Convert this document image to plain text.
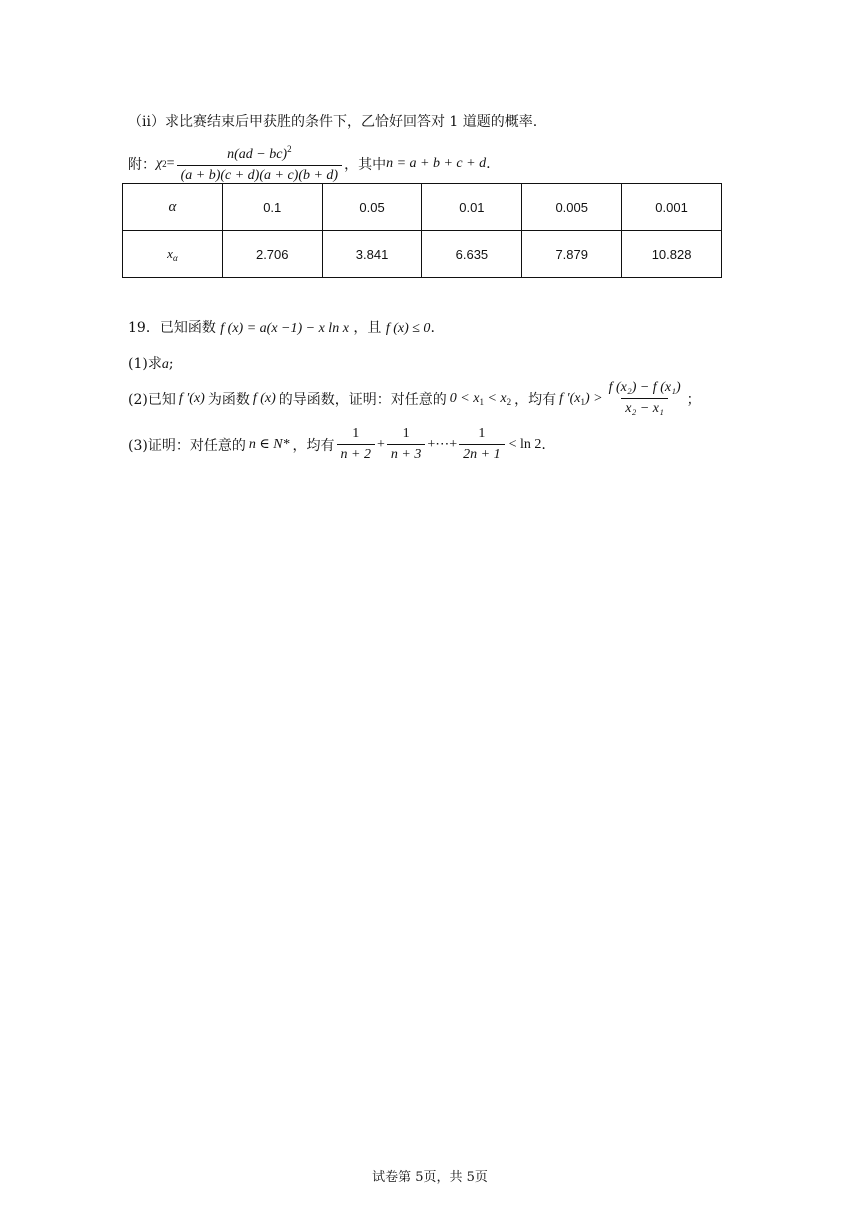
（ii）求比赛结束后甲获胜的条件下，乙恰好回答对 1 道题的概率.
附： χ $2 = \frac{n(ad - bc)^2}{(a + b)(c + d)(a + c)(b + d)}$ ，其中 n = a + b + c + d .
α	0.1	0.05	0.01	0.005	0.001
$x_\alpha$	2.706	3.841	6.635	7.879	10.828
19．已知函数 f (x) = a(x −1) − x ln x ，且 f (x) ≤ 0.
(1)求a;
(2)已知 f ′(x) 为函数 f (x) 的导函数，证明：对任意的 $0 < x_1 < x_2$ ，均有 f $'(x_1) > \frac{\text{f (x₂) − f (x₁)}}{\text{x₂ − x₁}}$ ；
(3)证明：对任意的 n ∈ N* ，均有 $\frac{1}{n + 2} + \frac{1}{n + 3}$ +⋯+ $\frac{1}{2n + 1} < \ln 2$ .
试卷第 5页，共 5页
